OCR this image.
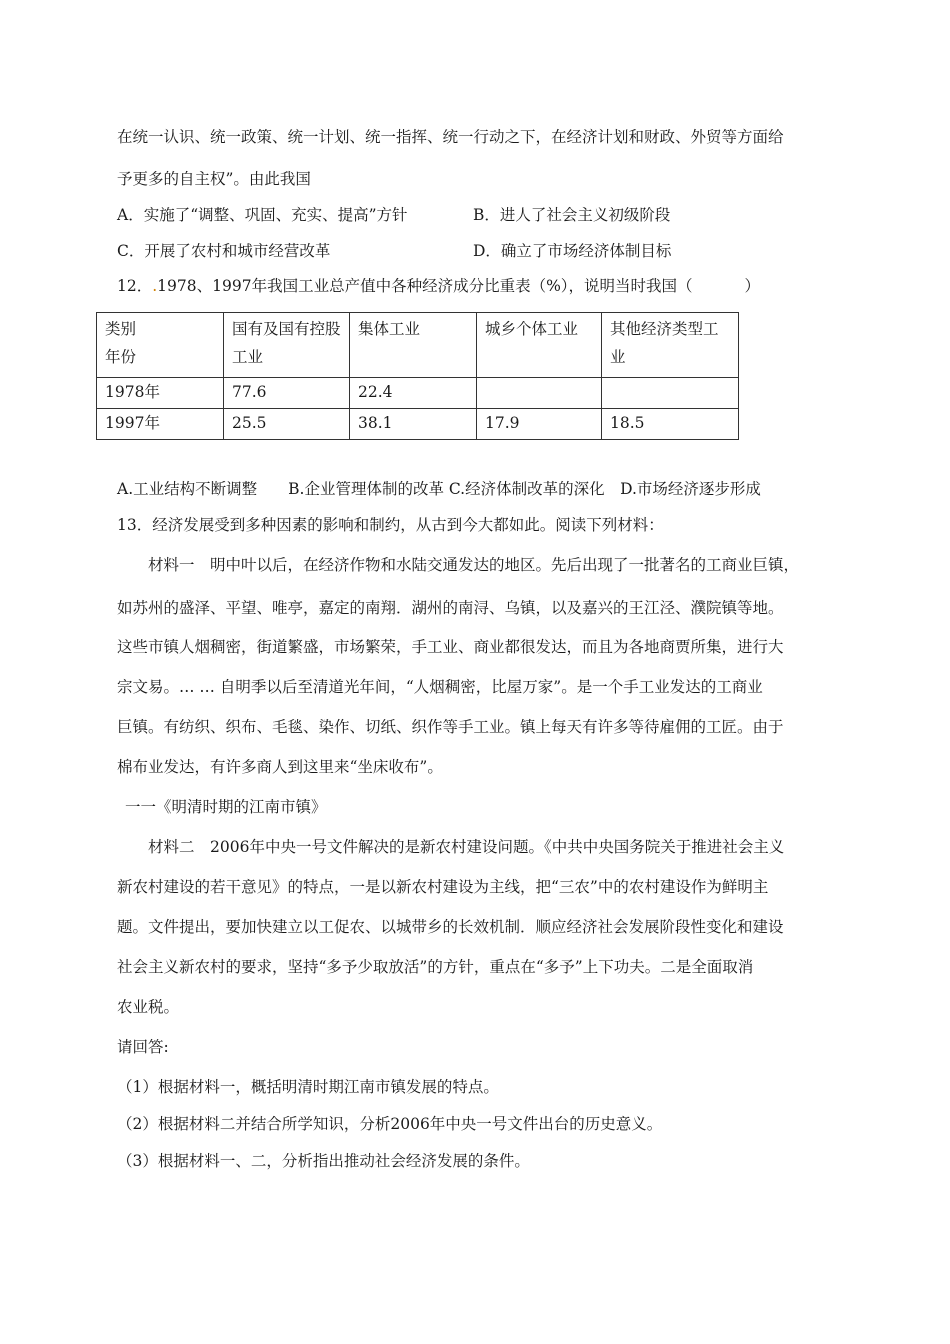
在统一认识、统一政策、统一计划、统一指挥、统一行动之下，在经济计划和财政、外贸等方面给
予更多的自主权”。由此我国
A．实施了“调整、巩固、充实、提高”方针	B．进人了社会主义初级阶段
C．开展了农村和城市经营改革	D．确立了市场经济体制目标
12．.1978、1997年我国工业总产值中各种经济成分比重表（%），说明当时我国（	）
类别
年份	国有及国有控股工业	集体工业	城乡个体工业	其他经济类型工业
1978年	77.6	22.4		
1997年	25.5	38.1	17.9	18.5
A.工业结构不断调整　　B.企业管理体制的改革 C.经济体制改革的深化　D.市场经济逐步形成
13．经济发展受到多种因素的影响和制约，从古到今大都如此。阅读下列材料：
材料一　明中叶以后，在经济作物和水陆交通发达的地区。先后出现了一批著名的工商业巨镇，
如苏州的盛泽、平望、唯亭，嘉定的南翔．湖州的南浔、乌镇，以及嘉兴的王江泾、濮院镇等地。
这些市镇人烟稠密，街道繁盛，市场繁荣，手工业、商业都很发达，而且为各地商贾所集，进行大
宗文易。… … 自明季以后至清道光年间，“人烟稠密，比屋万家”。是一个手工业发达的工商业
巨镇。有纺织、织布、毛毯、染作、切纸、织作等手工业。镇上每天有许多等待雇佣的工匠。由于
棉布业发达，有许多商人到这里来“坐床收布”。
一一《明清时期的江南市镇》
材料二　2006年中央一号文件解决的是新农村建设问题。《中共中央国务院关于推进社会主义
新农村建设的若干意见》的特点，一是以新农村建设为主线，把“三农”中的农村建设作为鲜明主
题。文件提出，要加快建立以工促农、以城带乡的长效机制．顺应经济社会发展阶段性变化和建设
社会主义新农村的要求，坚持“多予少取放活”的方针，重点在“多予”上下功夫。二是全面取消
农业税。
请回答:
（1）根据材料一，概括明清时期江南市镇发展的特点。
（2）根据材料二并结合所学知识，分析2006年中央一号文件出台的历史意义。
（3）根据材料一、二，分析指出推动社会经济发展的条件。
